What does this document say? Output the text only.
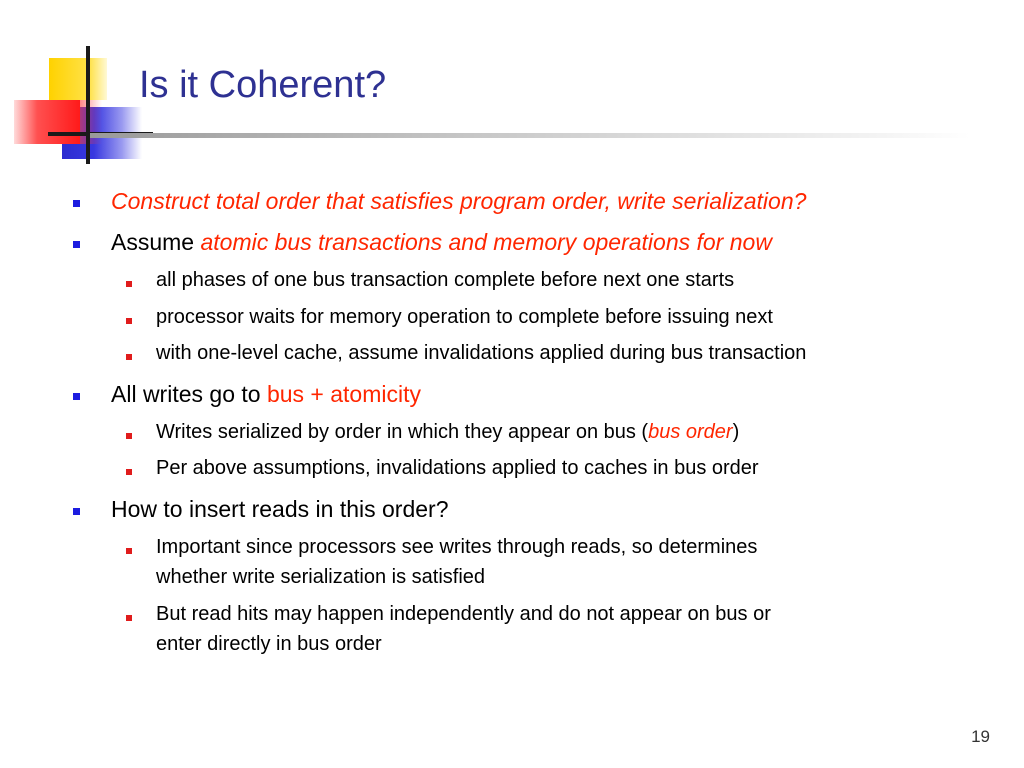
Is it Coherent?
Construct total order that satisfies program order, write serialization?
Assume atomic bus transactions and memory operations for now
all phases of one bus transaction complete before next one starts
processor waits for memory operation to complete before issuing next
with one-level cache, assume invalidations applied during bus transaction
All writes go to bus + atomicity
Writes serialized by order in which they appear on bus (bus order)
Per above assumptions, invalidations applied to caches in bus order
How to insert reads in this order?
Important since processors see writes through reads, so determines
whether write serialization is satisfied
But read hits may happen independently and do not appear on bus or
enter directly in bus order
19
